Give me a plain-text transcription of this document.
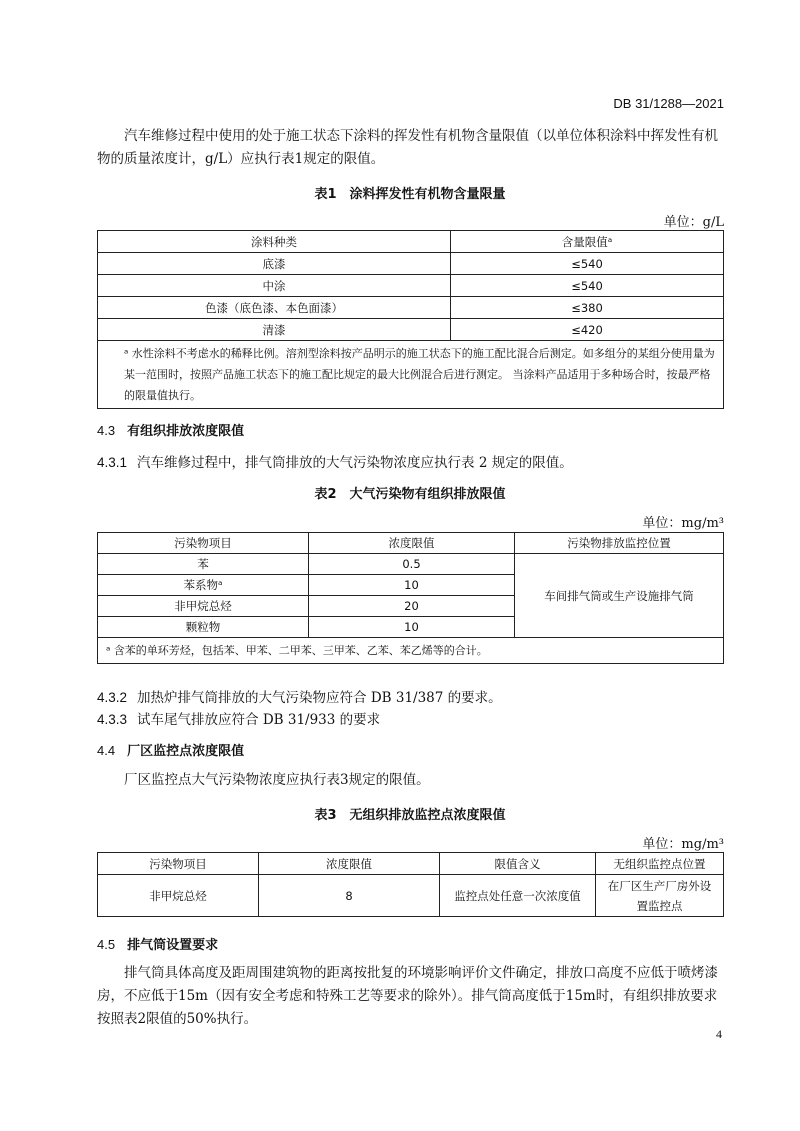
DB 31/1288—2021
汽车维修过程中使用的处于施工状态下涂料的挥发性有机物含量限值（以单位体积涂料中挥发性有机物的质量浓度计，g/L）应执行表1规定的限值。
表1　涂料挥发性有机物含量限量
单位：g/L
涂料种类	含量限值ᵃ
底漆	≤540
中涂	≤540
色漆（底色漆、本色面漆）	≤380
清漆	≤420
ᵃ 水性涂料不考虑水的稀释比例。溶剂型涂料按产品明示的施工状态下的施工配比混合后测定。如多组分的某组分使用量为某一范围时，按照产品施工状态下的施工配比规定的最大比例混合后进行测定。 当涂料产品适用于多种场合时，按最严格的限量值执行。	
4.3 有组织排放浓度限值
4.3.1 汽车维修过程中，排气筒排放的大气污染物浓度应执行表 2 规定的限值。
表2　大气污染物有组织排放限值
单位：mg/m³
污染物项目	浓度限值	污染物排放监控位置
苯	0.5	车间排气筒或生产设施排气筒
苯系物ᵃ	10	
非甲烷总烃	20	
颗粒物	10	
ᵃ 含苯的单环芳烃，包括苯、甲苯、二甲苯、三甲苯、乙苯、苯乙烯等的合计。		
4.3.2 加热炉排气筒排放的大气污染物应符合 DB 31/387 的要求。
4.3.3 试车尾气排放应符合 DB 31/933 的要求
4.4 厂区监控点浓度限值
厂区监控点大气污染物浓度应执行表3规定的限值。
表3　无组织排放监控点浓度限值
单位：mg/m³
污染物项目	浓度限值	限值含义	无组织监控点位置
非甲烷总烃	8	监控点处任意一次浓度值	在厂区生产厂房外设置监控点
4.5 排气筒设置要求
排气筒具体高度及距周围建筑物的距离按批复的环境影响评价文件确定，排放口高度不应低于喷烤漆房，不应低于15m（因有安全考虑和特殊工艺等要求的除外）。排气筒高度低于15m时，有组织排放要求按照表2限值的50%执行。
4
